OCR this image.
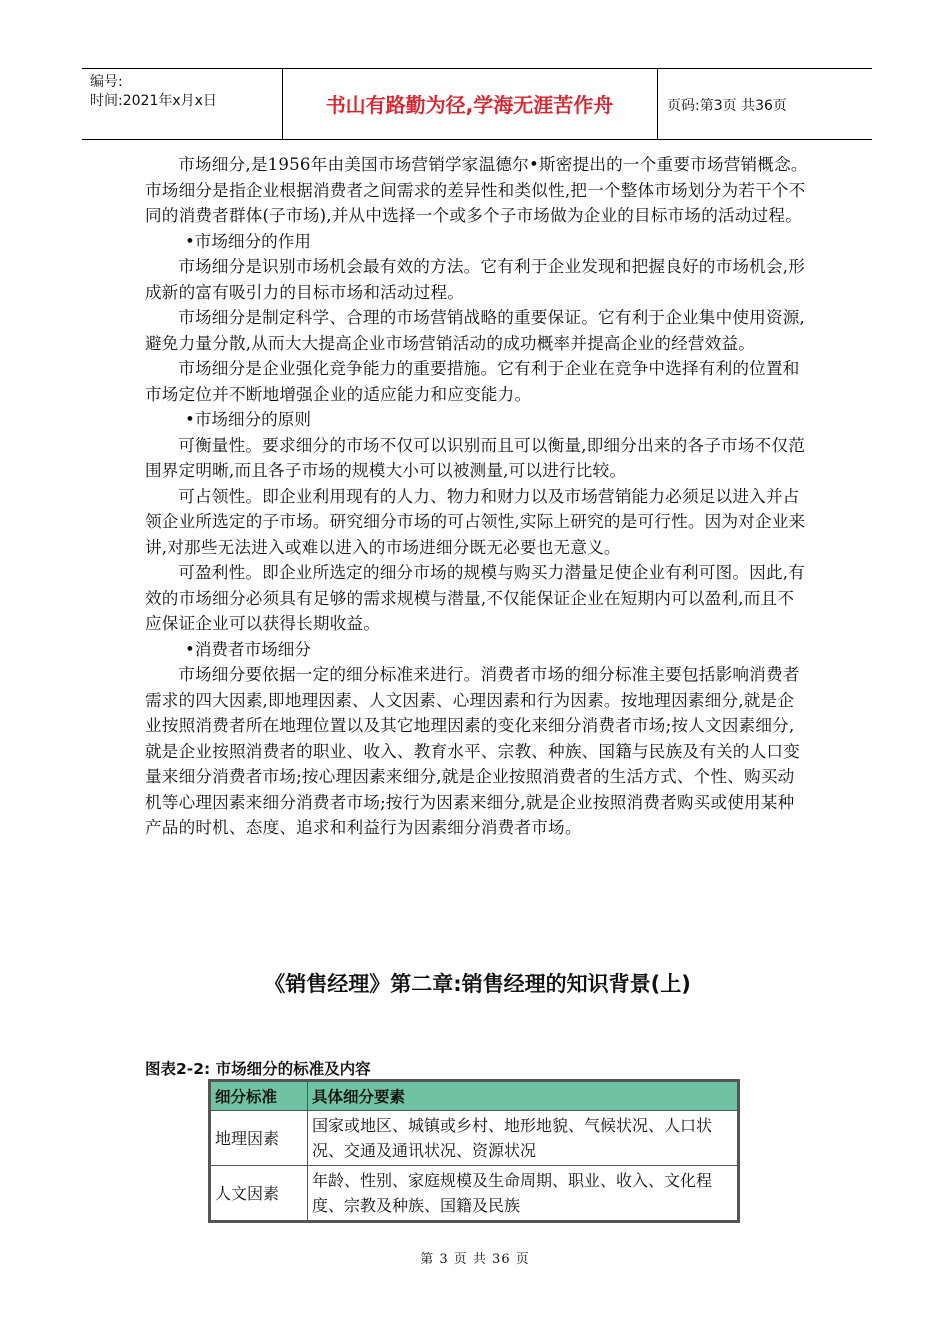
编号:
时间:2021年x月x日	书山有路勤为径,学海无涯苦作舟	页码:第3页 共36页

市场细分,是1956年由美国市场营销学家温德尔•斯密提出的一个重要市场营销概念。市场细分是指企业根据消费者之间需求的差异性和类似性,把一个整体市场划分为若干个不同的消费者群体(子市场),并从中选择一个或多个子市场做为企业的目标市场的活动过程。

•市场细分的作用

市场细分是识别市场机会最有效的方法。它有利于企业发现和把握良好的市场机会,形成新的富有吸引力的目标市场和活动过程。

市场细分是制定科学、合理的市场营销战略的重要保证。它有利于企业集中使用资源,避免力量分散,从而大大提高企业市场营销活动的成功概率并提高企业的经营效益。

市场细分是企业强化竞争能力的重要措施。它有利于企业在竞争中选择有利的位置和市场定位并不断地增强企业的适应能力和应变能力。

•市场细分的原则

可衡量性。要求细分的市场不仅可以识别而且可以衡量,即细分出来的各子市场不仅范围界定明晰,而且各子市场的规模大小可以被测量,可以进行比较。

可占领性。即企业利用现有的人力、物力和财力以及市场营销能力必须足以进入并占领企业所选定的子市场。研究细分市场的可占领性,实际上研究的是可行性。因为对企业来讲,对那些无法进入或难以进入的市场进细分既无必要也无意义。

可盈利性。即企业所选定的细分市场的规模与购买力潜量足使企业有利可图。因此,有效的市场细分必须具有足够的需求规模与潜量,不仅能保证企业在短期内可以盈利,而且不应保证企业可以获得长期收益。

•消费者市场细分

市场细分要依据一定的细分标准来进行。消费者市场的细分标准主要包括影响消费者需求的四大因素,即地理因素、人文因素、心理因素和行为因素。按地理因素细分,就是企业按照消费者所在地理位置以及其它地理因素的变化来细分消费者市场;按人文因素细分,就是企业按照消费者的职业、收入、教育水平、宗教、种族、国籍与民族及有关的人口变量来细分消费者市场;按心理因素来细分,就是企业按照消费者的生活方式、个性、购买动机等心理因素来细分消费者市场;按行为因素来细分,就是企业按照消费者购买或使用某种产品的时机、态度、追求和利益行为因素细分消费者市场。

《销售经理》第二章:销售经理的知识背景(上)
图表2-2: 市场细分的标准及内容
细分标准	具体细分要素
地理因素	国家或地区、城镇或乡村、地形地貌、气候状况、人口状况、交通及通讯状况、资源状况
人文因素	年龄、性别、家庭规模及生命周期、职业、收入、文化程度、宗教及种族、国籍及民族
第 3 页 共 36 页
